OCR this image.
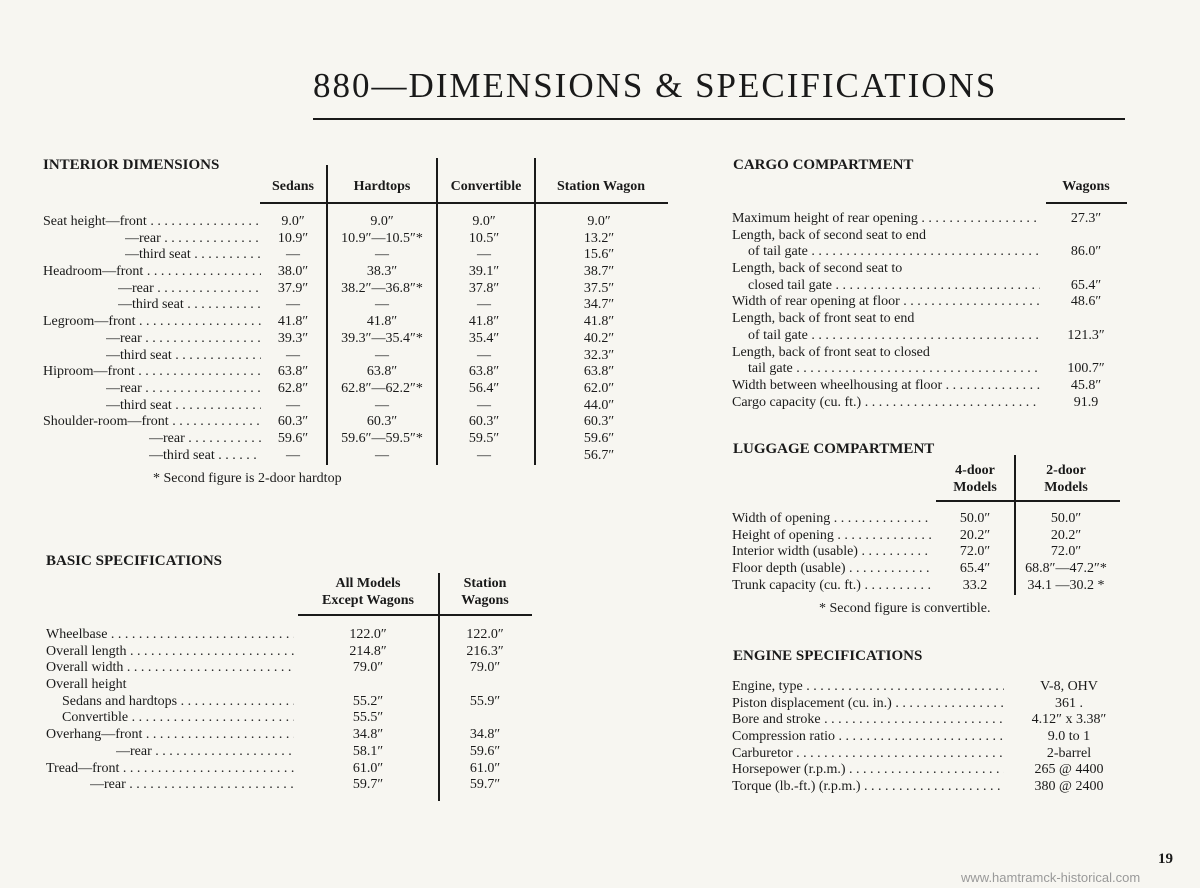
880—DIMENSIONS & SPECIFICATIONS
INTERIOR DIMENSIONS
Sedans	Hardtops	Convertible	Station Wagon
Seat height—front . . .	9.0″	9.0″	9.0″	9.0″
—rear . . .	10.9″	10.9″—10.5″*	10.5″	13.2″
—third seat . . .	—	—	—	15.6″
Headroom—front . . .	38.0″	38.3″	39.1″	38.7″
—rear . . .	37.9″	38.2″—36.8″*	37.8″	37.5″
—third seat . . .	—	—	—	34.7″
Legroom—front . . .	41.8″	41.8″	41.8″	41.8″
—rear . . .	39.3″	39.3″—35.4″*	35.4″	40.2″
—third seat . . .	—	—	—	32.3″
Hiproom—front . . .	63.8″	63.8″	63.8″	63.8″
—rear . . .	62.8″	62.8″—62.2″*	56.4″	62.0″
—third seat . . .	—	—	—	44.0″
Shoulder-room—front . . .	60.3″	60.3″	60.3″	60.3″
—rear . . .	59.6″	59.6″—59.5″*	59.5″	59.6″
—third seat . . .	—	—	—	56.7″
* Second figure is 2-door hardtop
BASIC SPECIFICATIONS
All Models
Except Wagons
Station
Wagons
Wheelbase . . .	122.0″	122.0″
Overall length . . .	214.8″	216.3″
Overall width . . .	79.0″	79.0″
Overall height
Sedans and hardtops . . .	55.2″	55.9″
Convertible . . .	55.5″
Overhang—front . . .	34.8″	34.8″
—rear . . .	58.1″	59.6″
Tread—front . . .	61.0″	61.0″
—rear . . .	59.7″	59.7″
CARGO COMPARTMENT
Wagons
Maximum height of rear opening . . .	27.3″
Length, back of second seat to end
of tail gate . . .	86.0″
Length, back of second seat to
closed tail gate . . .	65.4″
Width of rear opening at floor . . .	48.6″
Length, back of front seat to end
of tail gate . . .	121.3″
Length, back of front seat to closed
tail gate . . .	100.7″
Width between wheelhousing at floor . . .	45.8″
Cargo capacity (cu. ft.) . . .	91.9
LUGGAGE COMPARTMENT
4-door
Models
2-door
Models
Width of opening . . .	50.0″	50.0″
Height of opening . . .	20.2″	20.2″
Interior width (usable) . . .	72.0″	72.0″
Floor depth (usable) . . .	65.4″	68.8″—47.2″*
Trunk capacity (cu. ft.) . . .	33.2	34.1 —30.2 *
* Second figure is convertible.
ENGINE SPECIFICATIONS
Engine, type . . .	V-8, OHV
Piston displacement (cu. in.) . . .	361 .
Bore and stroke . . .	4.12″ x 3.38″
Compression ratio . . .	9.0 to 1
Carburetor . . .	2-barrel
Horsepower (r.p.m.) . . .	265 @ 4400
Torque (lb.-ft.) (r.p.m.) . . .	380 @ 2400
19
www.hamtramck-historical.com
